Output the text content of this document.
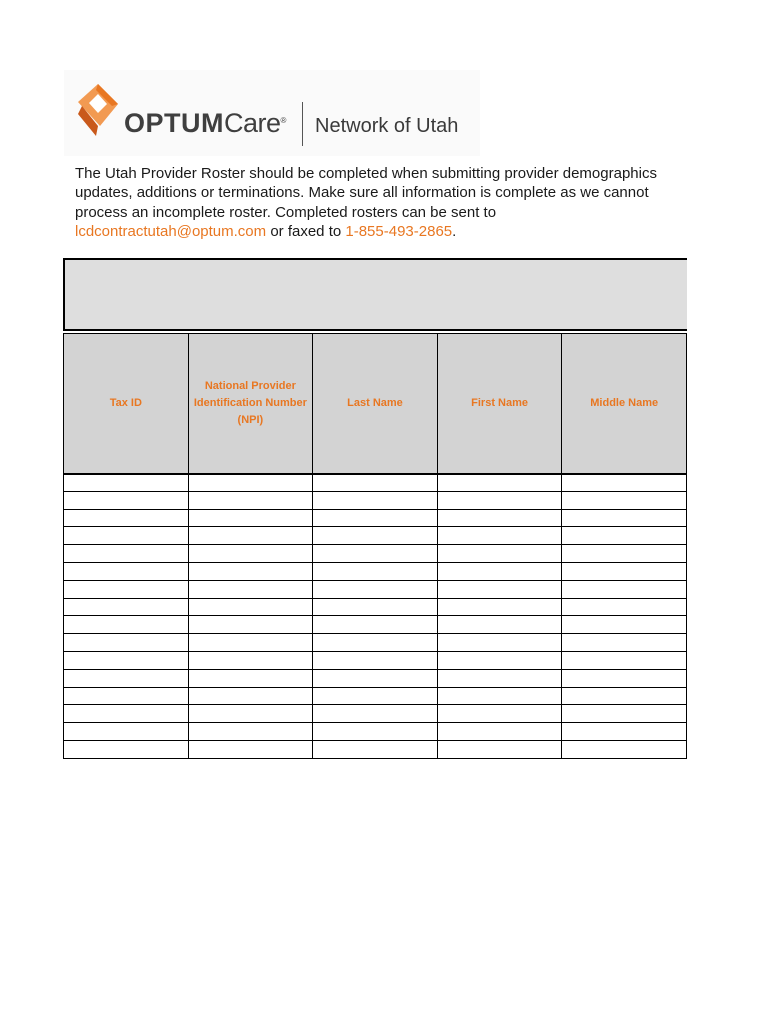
OPTUMCare® Network of Utah

The Utah Provider Roster should be completed when submitting provider demographics updates, additions or terminations. Make sure all information is complete as we cannot process an incomplete roster. Completed rosters can be sent to lcdcontractutah@optum.com or faxed to 1-855-493-2865.

Tax ID	National Provider Identification Number (NPI)	Last Name	First Name	Middle Name
